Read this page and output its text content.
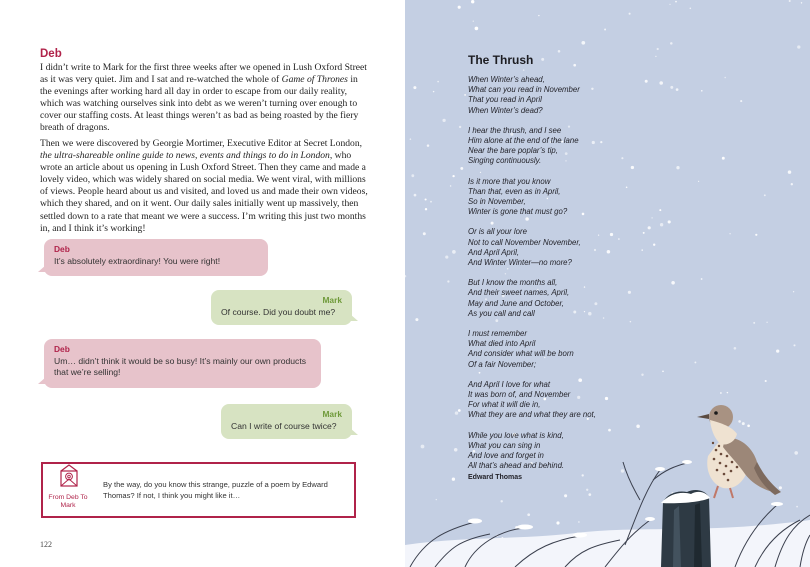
Deb

I didn’t write to Mark for the first three weeks after we opened in Lush Oxford Street as it was very quiet. Jim and I sat and re-watched the whole of Game of Thrones in the evenings after working hard all day in order to escape from our daily reality, which was watching ourselves sink into debt as we weren’t turning over enough to cover our staffing costs. At least things weren’t as bad as being roasted by the fiery breath of dragons.

Then we were discovered by Georgie Mortimer, Executive Editor at Secret London, the ultra-shareable online guide to news, events and things to do in London, who wrote an article about us opening in Lush Oxford Street. Then they came and made a lovely video, which was widely shared on social media. We went viral, with millions of views. People heard about us and visited, and loved us and made their own videos, which they shared, and on it went. Our daily sales initially went up massively, then settled down to a rate that meant we were a success. I’m writing this just two months in, and I think it’s working!

Deb
It’s absolutely extraordinary! You were right!
Mark
Of course. Did you doubt me?
Deb
Um… didn’t think it would be so busy! It’s mainly our own products that we’re selling!
Mark
Can I write of course twice?
From Deb To Mark
By the way, do you know this strange, puzzle of a poem by Edward Thomas? If not, I think you might like it…
122
The Thrush
When Winter’s ahead,
What can you read in November
That you read in April
When Winter’s dead?
I hear the thrush, and I see
Him alone at the end of the lane
Near the bare poplar’s tip,
Singing continuously.
Is it more that you know
Than that, even as in April,
So in November,
Winter is gone that must go?
Or is all your lore
Not to call November November,
And April April,
And Winter Winter—no more?
But I know the months all,
And their sweet names, April,
May and June and October,
As you call and call
I must remember
What died into April
And consider what will be born
Of a fair November;
And April I love for what
It was born of, and November
For what it will die in,
What they are and what they are not,
While you love what is kind,
What you can sing in
And love and forget in
All that’s ahead and behind.
Edward Thomas
